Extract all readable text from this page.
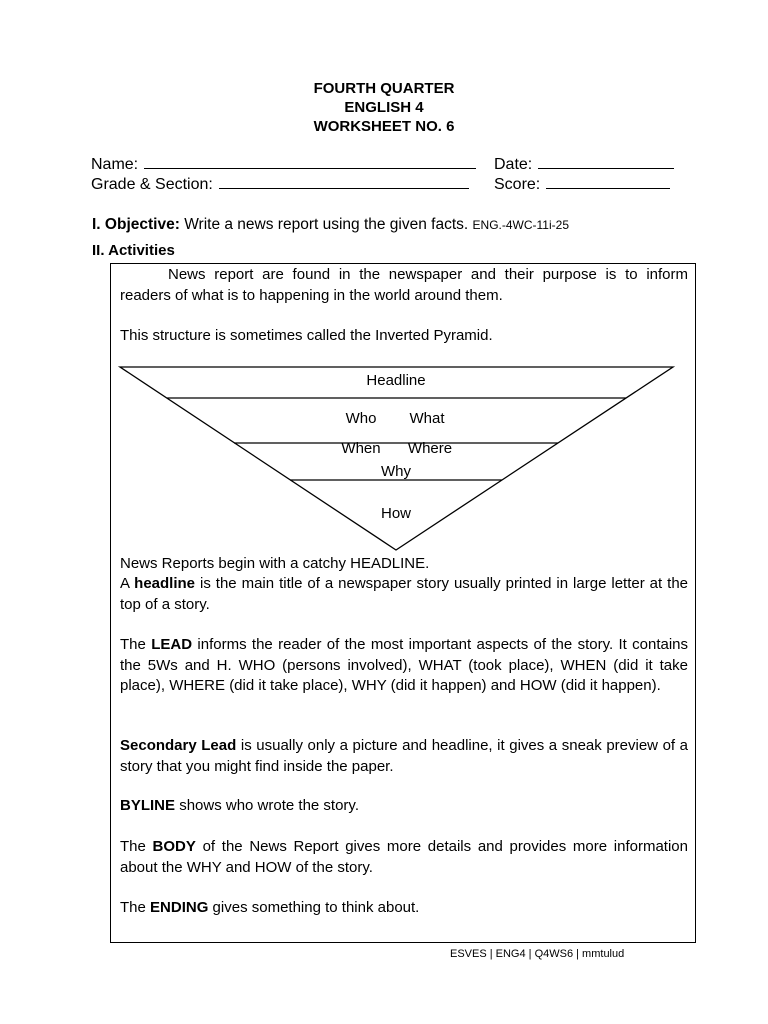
FOURTH QUARTER
ENGLISH 4
WORKSHEET NO. 6
Name:	Date:
Grade & Section:	Score:
I. Objective: Write a news report using the given facts. ENG.-4WC-11i-25
II. Activities
News report are found in the newspaper and their purpose is to inform readers of what is to happening in the world around them.
This structure is sometimes called the Inverted Pyramid.
Headline
Who	What
When	Where
Why
How
News Reports begin with a catchy HEADLINE.
A headline is the main title of a newspaper story usually printed in large letter at the top of a story.
The LEAD informs the reader of the most important aspects of the story. It contains the 5Ws and H. WHO (persons involved), WHAT (took place), WHEN (did it take place), WHERE (did it take place), WHY (did it happen) and HOW (did it happen).
Secondary Lead is usually only a picture and headline, it gives a sneak preview of a story that you might find inside the paper.
BYLINE shows who wrote the story.
The BODY of the News Report gives more details and provides more information about the WHY and HOW of the story.
The ENDING gives something to think about.
ESVES | ENG4 | Q4WS6 | mmtulud
